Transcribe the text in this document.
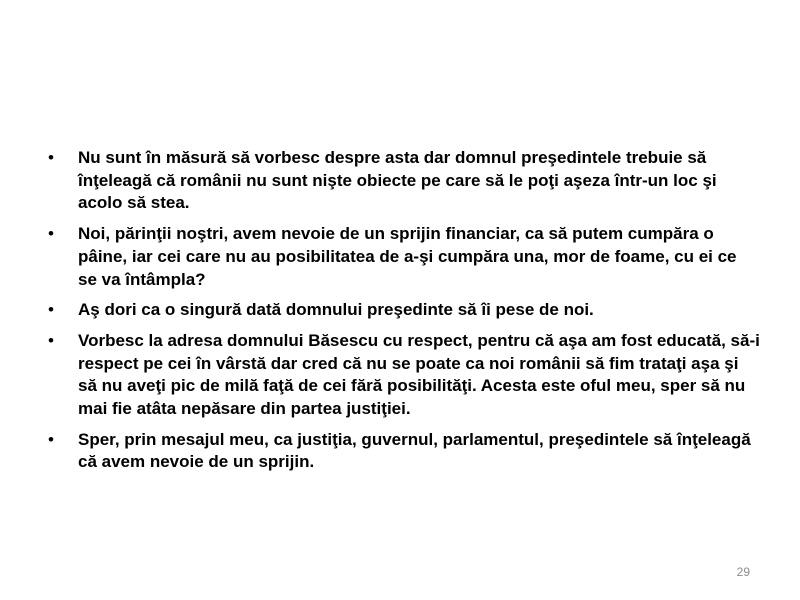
• Nu sunt în măsură să vorbesc despre asta dar domnul preşedintele trebuie să înţeleagă că românii nu sunt nişte obiecte pe care să le poţi aşeza într-un loc şi acolo să stea.
• Noi, părinţii noştri, avem nevoie de un sprijin financiar, ca să putem cumpăra o pâine, iar cei care nu au posibilitatea de a-şi cumpăra una, mor de foame, cu ei ce se va întâmpla?
• Aş dori ca o singură dată domnului preşedinte să îi pese de noi.
• Vorbesc la adresa domnului Băsescu cu respect, pentru că aşa am fost educată, să-i respect pe cei în vârstă dar cred că nu se poate ca noi românii să fim trataţi aşa şi să nu aveţi pic de milă faţă de cei fără posibilităţi. Acesta este oful meu, sper să nu mai fie atâta nepăsare din partea justiţiei.
• Sper, prin mesajul meu, ca justiţia, guvernul, parlamentul, preşedintele să înţeleagă că avem nevoie de un sprijin.
29
